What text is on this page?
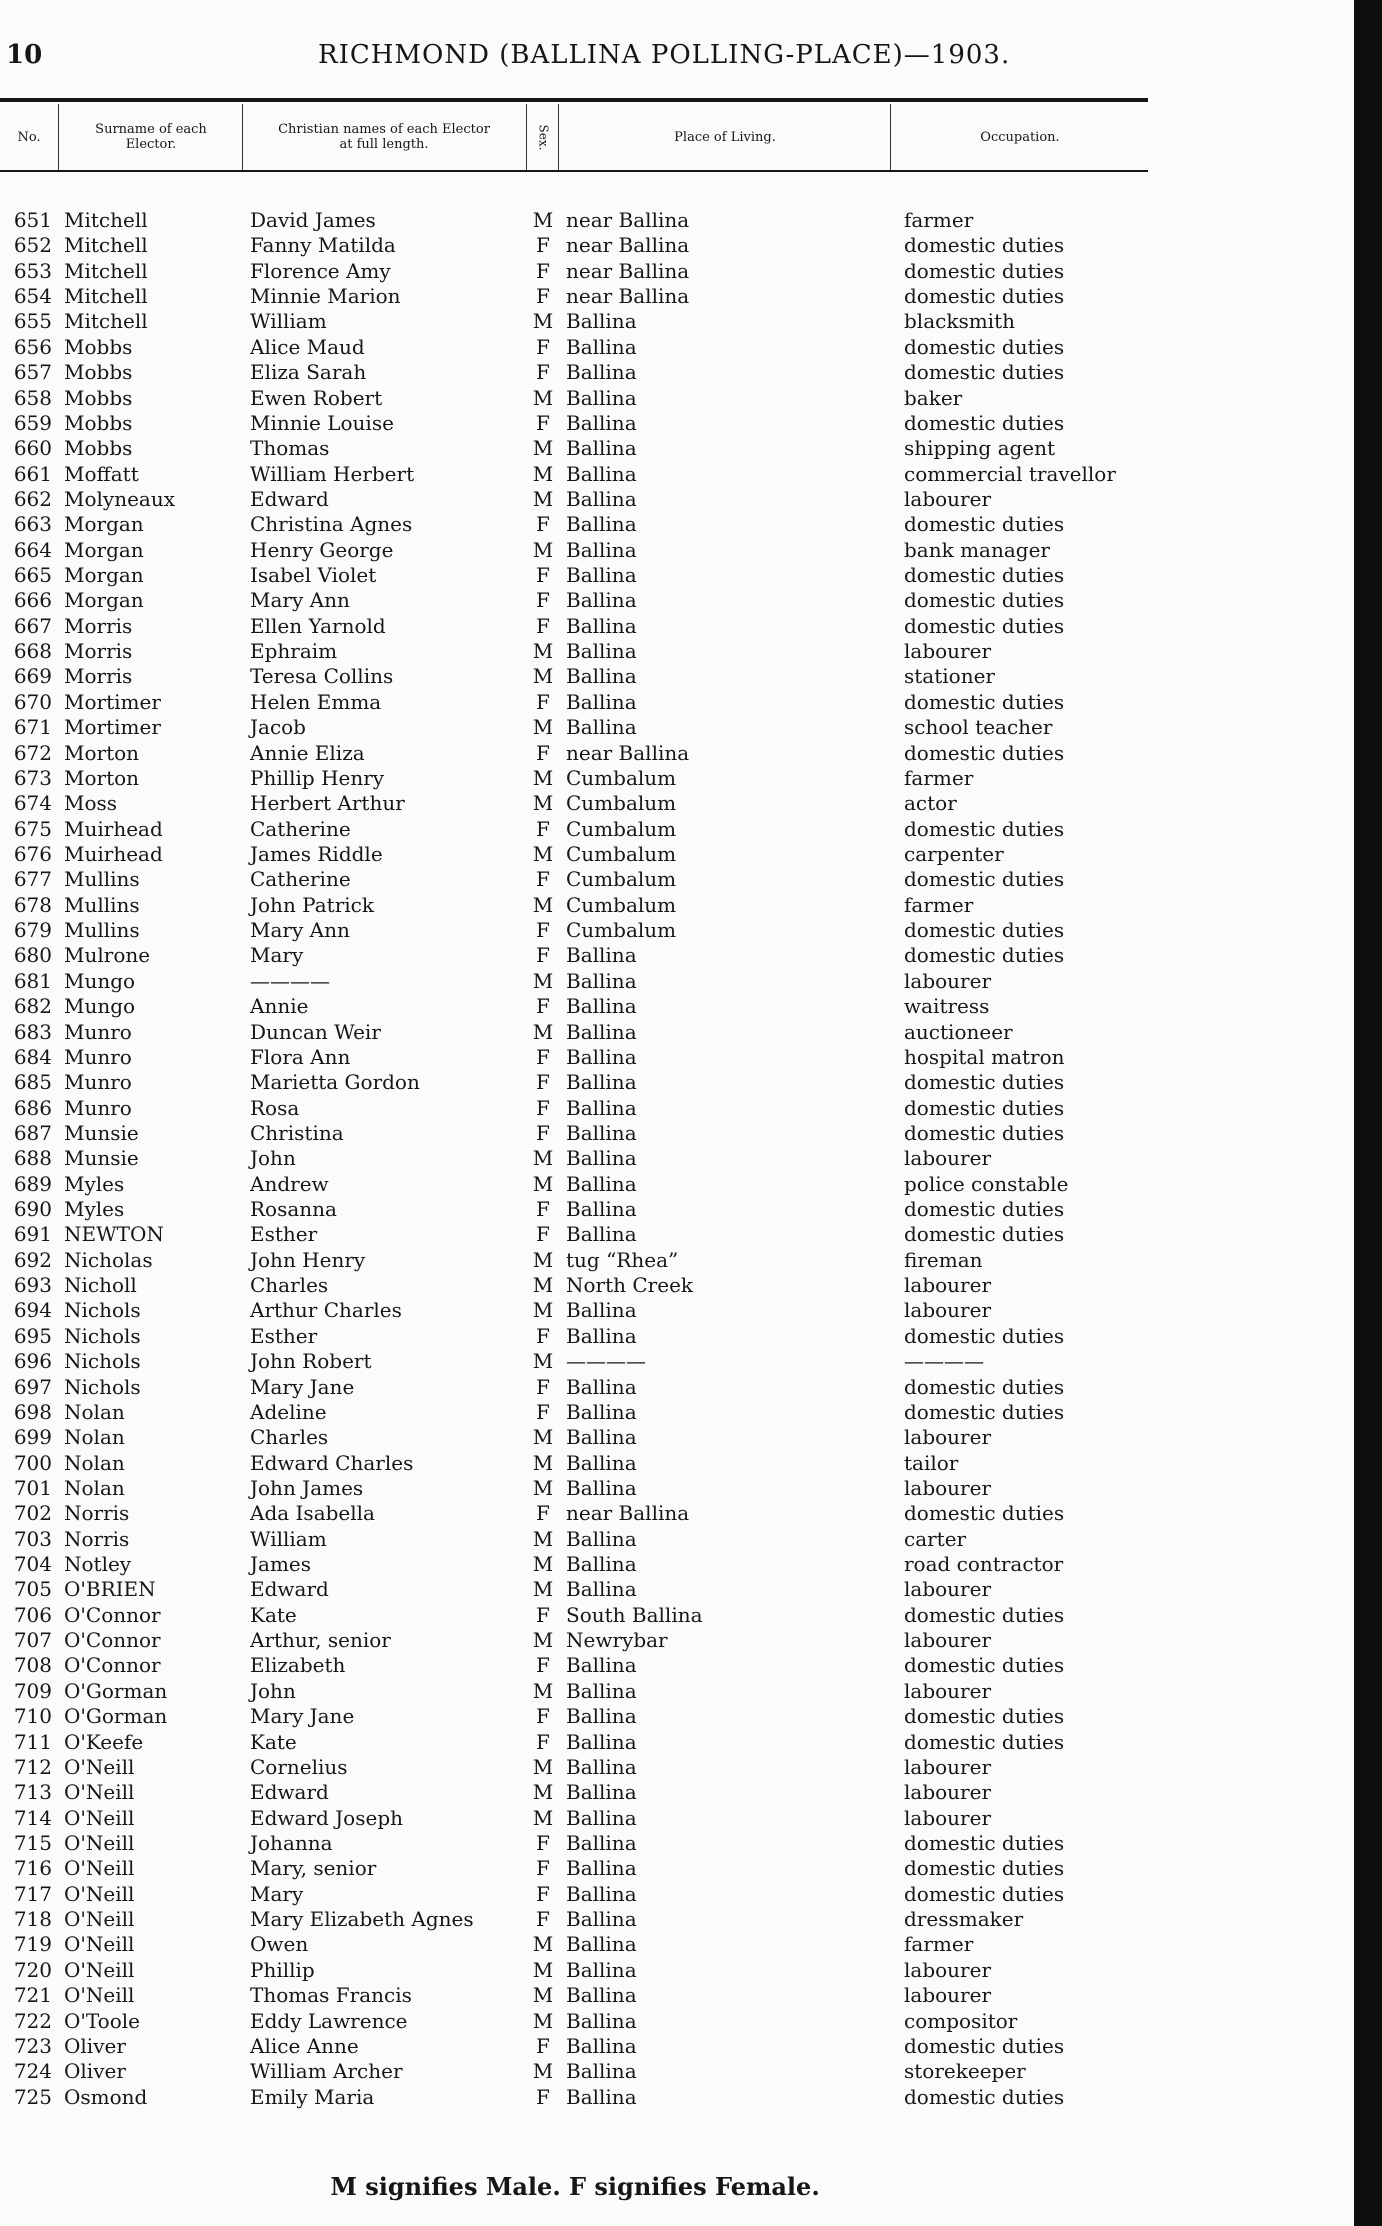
10	RICHMOND (BALLINA POLLING-PLACE)—1903.
No.	Surname of each
Elector.
Christian names of each Elector
at full length.	Sex.	Place of Living.	Occupation.
651 Mitchell	David James	M near Ballina	farmer
652 Mitchell	Fanny Matilda	F near Ballina	domestic duties
653 Mitchell	Florence Amy	F near Ballina	domestic duties
654 Mitchell	Minnie Marion	F near Ballina	domestic duties
655 Mitchell	William	M Ballina	blacksmith
656 Mobbs	Alice Maud	F Ballina	domestic duties
657 Mobbs	Eliza Sarah	F Ballina	domestic duties
658 Mobbs	Ewen Robert	M Ballina	baker
659 Mobbs	Minnie Louise	F Ballina	domestic duties
660 Mobbs	Thomas	M Ballina	shipping agent
661 Moffatt	William Herbert	M Ballina	commercial travellor
662 Molyneaux	Edward	M Ballina	labourer
663 Morgan	Christina Agnes	F Ballina	domestic duties
664 Morgan	Henry George	M Ballina	bank manager
665 Morgan	Isabel Violet	F Ballina	domestic duties
666 Morgan	Mary Ann	F Ballina	domestic duties
667 Morris	Ellen Yarnold	F Ballina	domestic duties
668 Morris	Ephraim	M Ballina	labourer
669 Morris	Teresa Collins	M Ballina	stationer
670 Mortimer	Helen Emma	F Ballina	domestic duties
671 Mortimer	Jacob	M Ballina	school teacher
672 Morton	Annie Eliza	F near Ballina	domestic duties
673 Morton	Phillip Henry	M Cumbalum	farmer
674 Moss	Herbert Arthur	M Cumbalum	actor
675 Muirhead	Catherine	F Cumbalum	domestic duties
676 Muirhead	James Riddle	M Cumbalum	carpenter
677 Mullins	Catherine	F Cumbalum	domestic duties
678 Mullins	John Patrick	M Cumbalum	farmer
679 Mullins	Mary Ann	F Cumbalum	domestic duties
680 Mulrone	Mary	F Ballina	domestic duties
681 Mungo	————	M Ballina	labourer
682 Mungo	Annie	F Ballina	waitress
683 Munro	Duncan Weir	M Ballina	auctioneer
684 Munro	Flora Ann	F Ballina	hospital matron
685 Munro	Marietta Gordon	F Ballina	domestic duties
686 Munro	Rosa	F Ballina	domestic duties
687 Munsie	Christina	F Ballina	domestic duties
688 Munsie	John	M Ballina	labourer
689 Myles	Andrew	M Ballina	police constable
690 Myles	Rosanna	F Ballina	domestic duties
691 NEWTON	Esther	F Ballina	domestic duties
692 Nicholas	John Henry	M tug “Rhea”	fireman
693 Nicholl	Charles	M North Creek	labourer
694 Nichols	Arthur Charles	M Ballina	labourer
695 Nichols	Esther	F Ballina	domestic duties
696 Nichols	John Robert	M ————	————
697 Nichols	Mary Jane	F Ballina	domestic duties
698 Nolan	Adeline	F Ballina	domestic duties
699 Nolan	Charles	M Ballina	labourer
700 Nolan	Edward Charles	M Ballina	tailor
701 Nolan	John James	M Ballina	labourer
702 Norris	Ada Isabella	F near Ballina	domestic duties
703 Norris	William	M Ballina	carter
704 Notley	James	M Ballina	road contractor
705 O'BRIEN	Edward	M Ballina	labourer
706 O'Connor	Kate	F South Ballina	domestic duties
707 O'Connor	Arthur, senior	M Newrybar	labourer
708 O'Connor	Elizabeth	F Ballina	domestic duties
709 O'Gorman	John	M Ballina	labourer
710 O'Gorman	Mary Jane	F Ballina	domestic duties
711 O'Keefe	Kate	F Ballina	domestic duties
712 O'Neill	Cornelius	M Ballina	labourer
713 O'Neill	Edward	M Ballina	labourer
714 O'Neill	Edward Joseph	M Ballina	labourer
715 O'Neill	Johanna	F Ballina	domestic duties
716 O'Neill	Mary, senior	F Ballina	domestic duties
717 O'Neill	Mary	F Ballina	domestic duties
718 O'Neill	Mary Elizabeth Agnes	F Ballina	dressmaker
719 O'Neill	Owen	M Ballina	farmer
720 O'Neill	Phillip	M Ballina	labourer
721 O'Neill	Thomas Francis	M Ballina	labourer
722 O'Toole	Eddy Lawrence	M Ballina	compositor
723 Oliver	Alice Anne	F Ballina	domestic duties
724 Oliver	William Archer	M Ballina	storekeeper
725 Osmond	Emily Maria	F Ballina	domestic duties
M signifies Male. F signifies Female.
